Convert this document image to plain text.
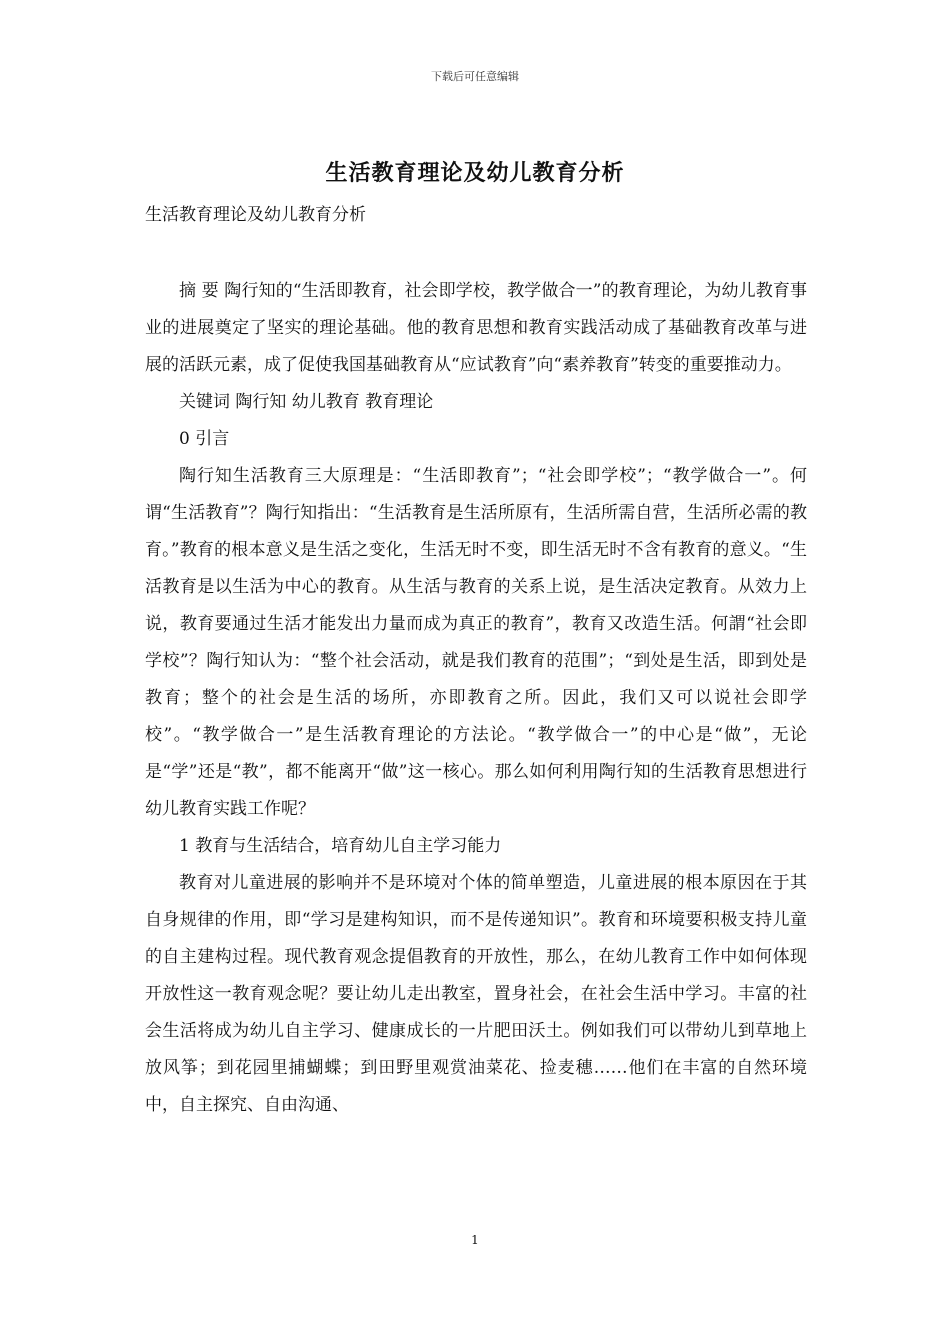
下载后可任意编辑
生活教育理论及幼儿教育分析
生活教育理论及幼儿教育分析

摘 要 陶行知的“生活即教育，社会即学校，教学做合一”的教育理论，为幼儿教育事业的进展奠定了坚实的理论基础。他的教育思想和教育实践活动成了基础教育改革与进展的活跃元素，成了促使我国基础教育从“应试教育”向“素养教育”转变的重要推动力。

关键词 陶行知 幼儿教育 教育理论

0 引言

陶行知生活教育三大原理是：“生活即教育”；“社会即学校”；“教学做合一”。何谓“生活教育”？陶行知指出：“生活教育是生活所原有，生活所需自营，生活所必需的教育。”教育的根本意义是生活之变化，生活无时不变，即生活无时不含有教育的意义。“生活教育是以生活为中心的教育。从生活与教育的关系上说，是生活决定教育。从效力上说，教育要通过生活才能发出力量而成为真正的教育”，教育又改造生活。何謂“社会即学校”？陶行知认为：“整个社会活动，就是我们教育的范围”；“到处是生活，即到处是教育；整个的社会是生活的场所，亦即教育之所。因此，我们又可以说社会即学校”。“教学做合一”是生活教育理论的方法论。“教学做合一”的中心是“做”，无论是“学”还是“教”，都不能离开“做”这一核心。那么如何利用陶行知的生活教育思想进行幼儿教育实践工作呢？

1 教育与生活结合，培育幼儿自主学习能力

教育对儿童进展的影响并不是环境对个体的简单塑造，儿童进展的根本原因在于其自身规律的作用，即“学习是建构知识，而不是传递知识”。教育和环境要积极支持儿童的自主建构过程。现代教育观念提倡教育的开放性，那么，在幼儿教育工作中如何体现开放性这一教育观念呢？要让幼儿走出教室，置身社会，在社会生活中学习。丰富的社会生活将成为幼儿自主学习、健康成长的一片肥田沃土。例如我们可以带幼儿到草地上放风筝；到花园里捕蝴蝶；到田野里观赏油菜花、捡麦穗……他们在丰富的自然环境中，自主探究、自由沟通、

1
